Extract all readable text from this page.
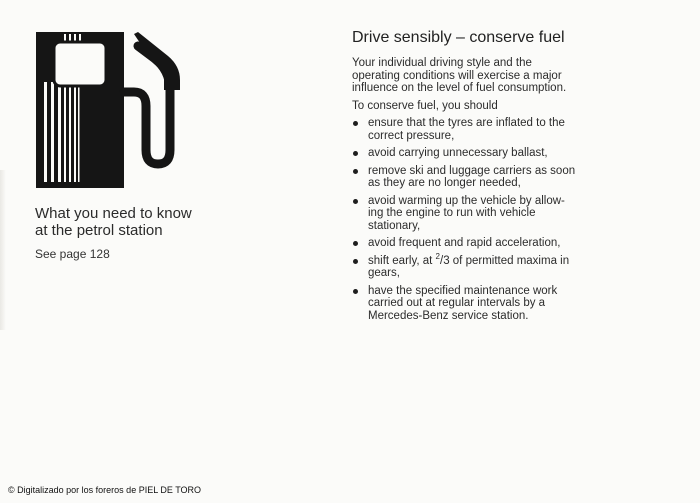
What you need to know
at the petrol station

See page 128
Drive sensibly – conserve fuel

Your individual driving style and the
operating conditions will exercise a major
influence on the level of fuel consumption.

To conserve fuel, you should

ensure that the tyres are inflated to the
correct pressure,
avoid carrying unnecessary ballast,
remove ski and luggage carriers as soon
as they are no longer needed,
avoid warming up the vehicle by allow-
ing the engine to run with vehicle
stationary,
avoid frequent and rapid acceleration,
shift early, at $^2$/3 of permitted maxima in
gears,
have the specified maintenance work
carried out at regular intervals by a
Mercedes-Benz service station.
© Digitalizado por los foreros de PIEL DE TORO
